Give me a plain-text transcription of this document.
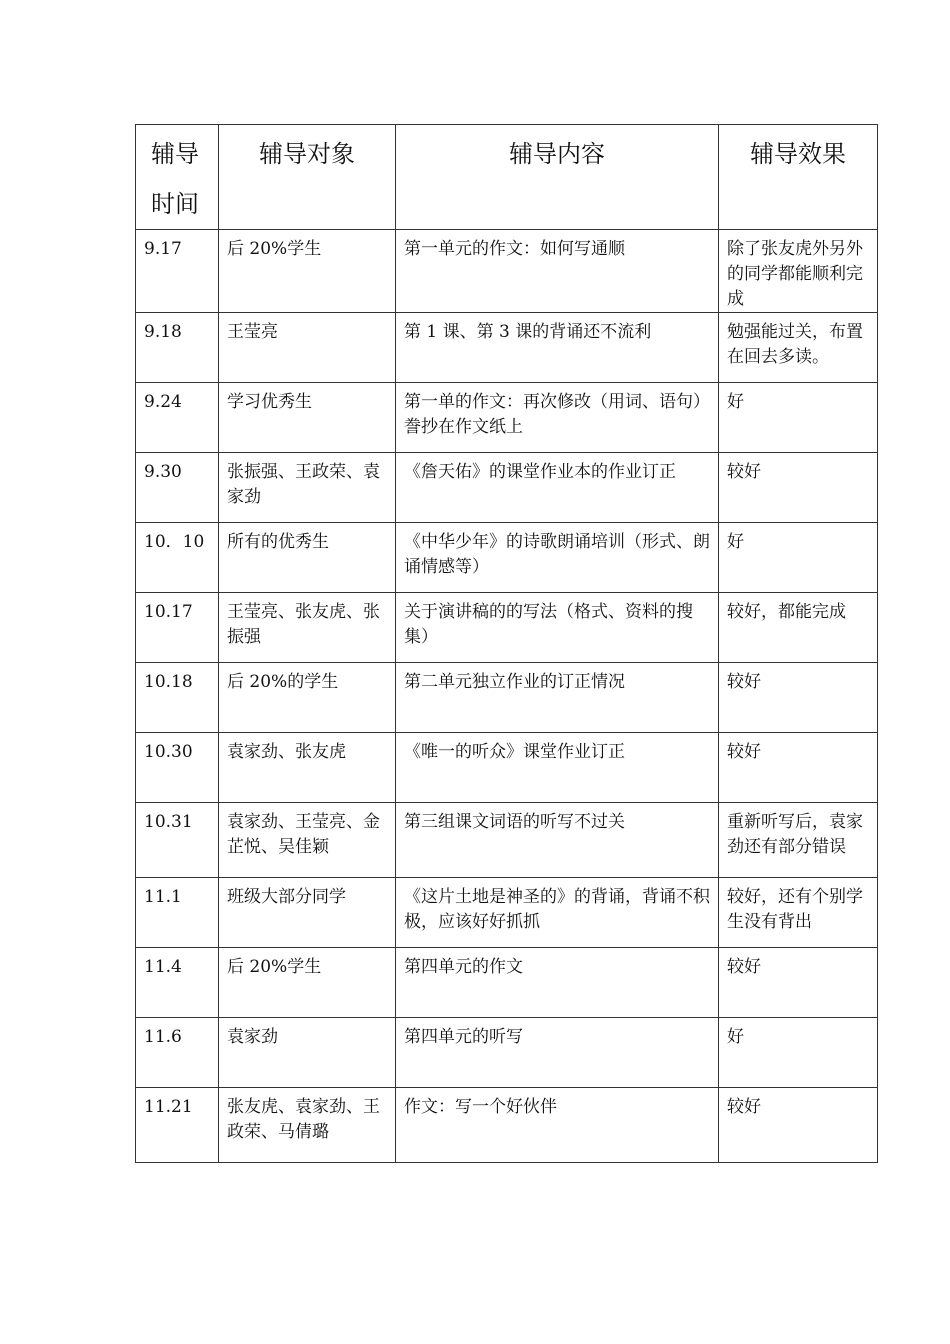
辅导
时间	辅导对象	辅导内容	辅导效果
9.17	后 20%学生	第一单元的作文：如何写通顺	除了张友虎外另外的同学都能顺利完成
9.18	王莹亮	第 1 课、第 3 课的背诵还不流利	勉强能过关，布置在回去多读。
9.24	学习优秀生	第一单的作文：再次修改（用词、语句）誊抄在作文纸上	好
9.30	张振强、王政荣、袁家劲	《詹天佑》的课堂作业本的作业订正	较好
10．10	所有的优秀生	《中华少年》的诗歌朗诵培训（形式、朗诵情感等）	好
10.17	王莹亮、张友虎、张振强	关于演讲稿的的写法（格式、资料的搜集）	较好，都能完成
10.18	后 20%的学生	第二单元独立作业的订正情况	较好
10.30	袁家劲、张友虎	《唯一的听众》课堂作业订正	较好
10.31	袁家劲、王莹亮、金芷悦、吴佳颖	第三组课文词语的听写不过关	重新听写后，袁家劲还有部分错误
11.1	班级大部分同学	《这片土地是神圣的》的背诵，背诵不积极，应该好好抓抓	较好，还有个别学生没有背出
11.4	后 20%学生	第四单元的作文	较好
11.6	袁家劲	第四单元的听写	好
11.21	张友虎、袁家劲、王政荣、马倩璐	作文：写一个好伙伴	较好
